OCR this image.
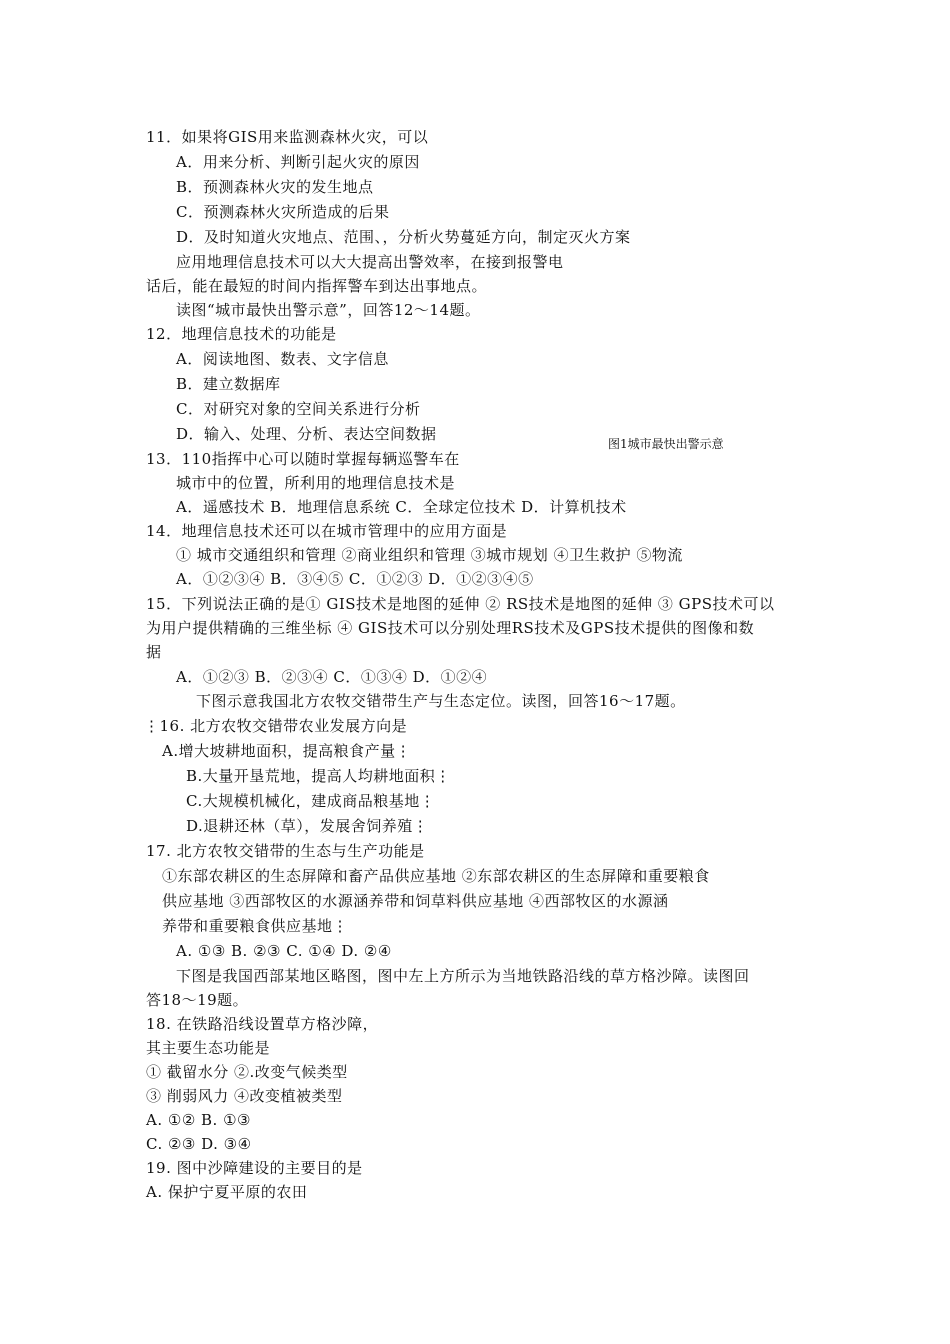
11．如果将GIS用来监测森林火灾，可以
A．用来分析、判断引起火灾的原因
B．预测森林火灾的发生地点
C．预测森林火灾所造成的后果
D．及时知道火灾地点、范围、，分析火势蔓延方向，制定灭火方案
应用地理信息技术可以大大提高出警效率，在接到报警电
话后，能在最短的时间内指挥警车到达出事地点。
读图“城市最快出警示意”，回答12～14题。
12．地理信息技术的功能是
A．阅读地图、数表、文字信息
B．建立数据库
C．对研究对象的空间关系进行分析
D．输入、处理、分析、表达空间数据
13．110指挥中心可以随时掌握每辆巡警车在
城市中的位置，所利用的地理信息技术是
A．遥感技术 B．地理信息系统 C．全球定位技术 D．计算机技术
14．地理信息技术还可以在城市管理中的应用方面是
① 城市交通组织和管理 ②商业组织和管理 ③城市规划 ④卫生救护 ⑤物流
A．①②③④ B．③④⑤ C．①②③ D．①②③④⑤
15．下列说法正确的是① GIS技术是地图的延伸 ② RS技术是地图的延伸 ③ GPS技术可以
为用户提供精确的三维坐标 ④ GIS技术可以分别处理RS技术及GPS技术提供的图像和数
据
A．①②③ B．②③④ C．①③④ D．①②④
下图示意我国北方农牧交错带生产与生态定位。读图，回答16～17题。
⋮16. 北方农牧交错带农业发展方向是
A.增大坡耕地面积，提高粮食产量⋮
B.大量开垦荒地，提高人均耕地面积⋮
C.大规模机械化，建成商品粮基地⋮
D.退耕还林（草），发展舍饲养殖⋮
17. 北方农牧交错带的生态与生产功能是
①东部农耕区的生态屏障和畜产品供应基地 ②东部农耕区的生态屏障和重要粮食
供应基地 ③西部牧区的水源涵养带和饲草料供应基地 ④西部牧区的水源涵
养带和重要粮食供应基地⋮
A. ①③ B. ②③ C. ①④ D. ②④
下图是我国西部某地区略图，图中左上方所示为当地铁路沿线的草方格沙障。读图回
答18～19题。
18. 在铁路沿线设置草方格沙障，
其主要生态功能是
① 截留水分 ②.改变气候类型
③ 削弱风力 ④改变植被类型
A. ①② B. ①③
C. ②③ D. ③④
19. 图中沙障建设的主要目的是
A. 保护宁夏平原的农田
图1城市最快出警示意
